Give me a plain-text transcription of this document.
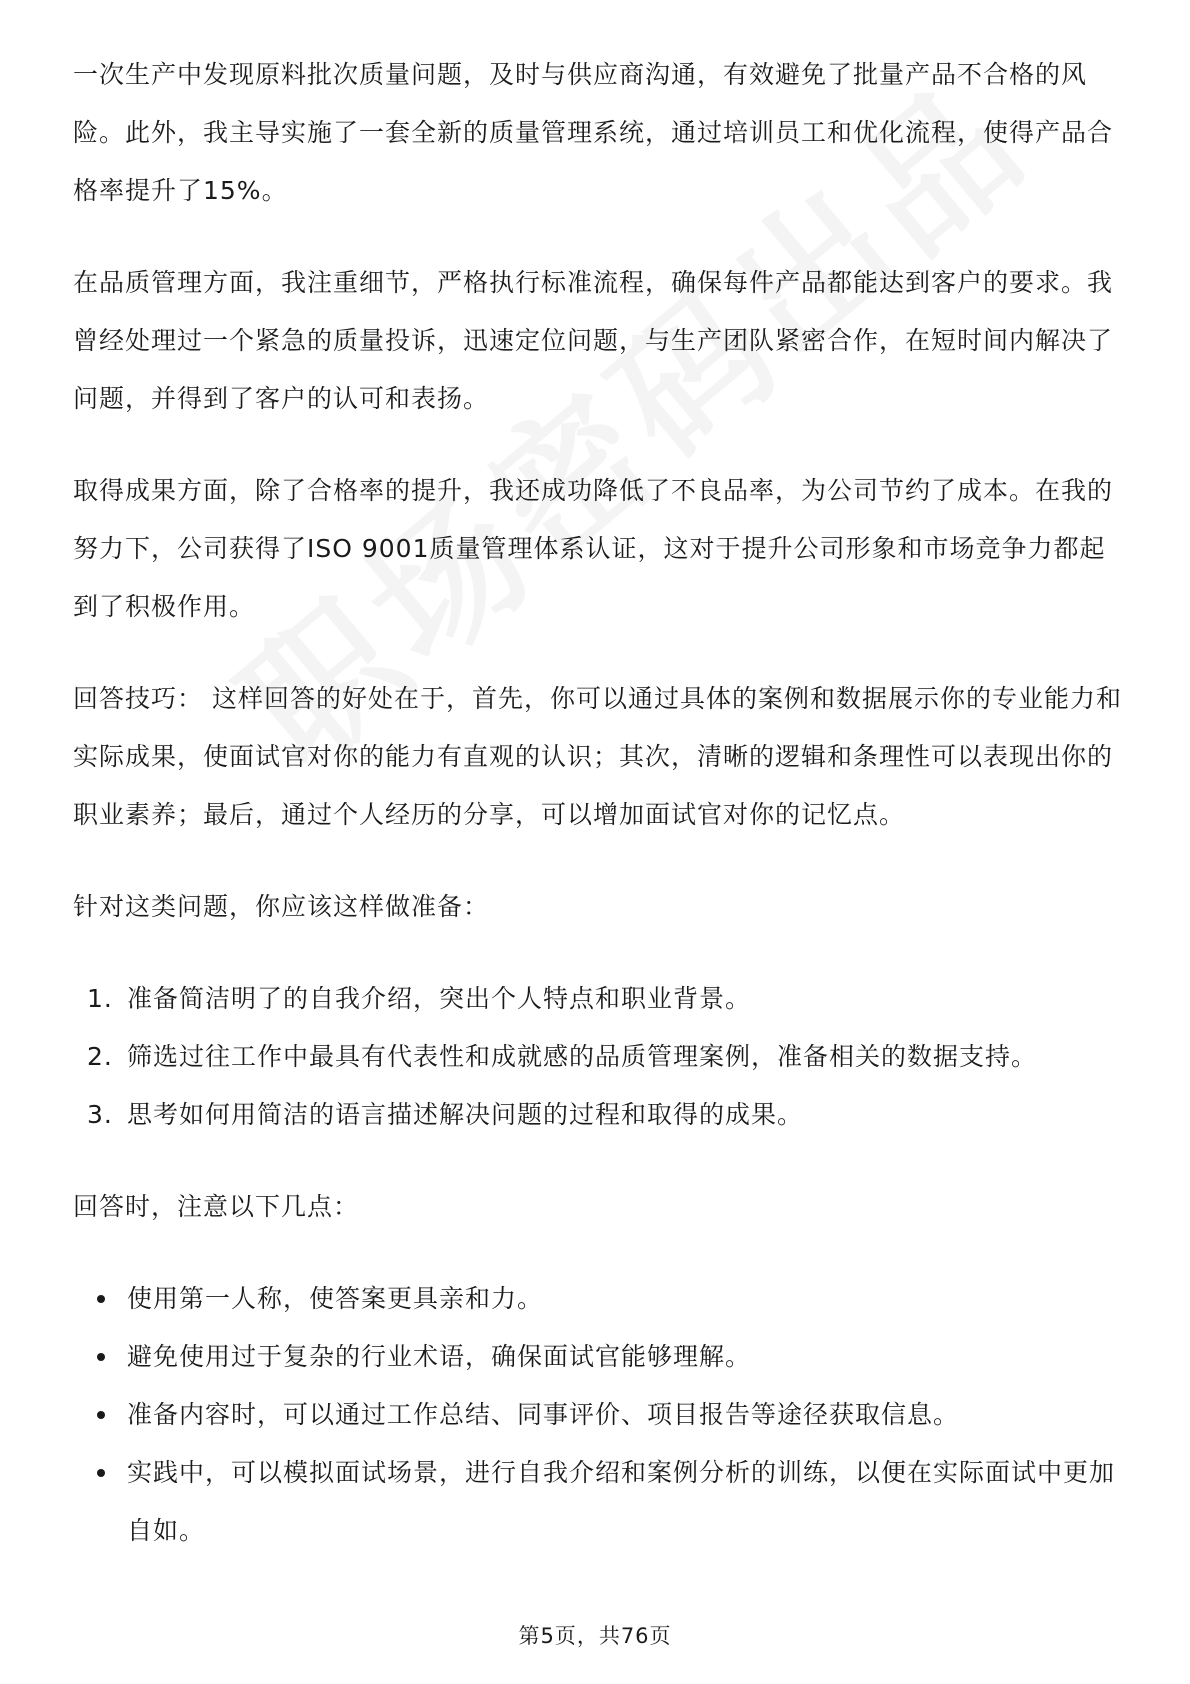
一次生产中发现原料批次质量问题，及时与供应商沟通，有效避免了批量产品不合格的风险。此外，我主导实施了一套全新的质量管理系统，通过培训员工和优化流程，使得产品合格率提升了15%。

在品质管理方面，我注重细节，严格执行标准流程，确保每件产品都能达到客户的要求。我曾经处理过一个紧急的质量投诉，迅速定位问题，与生产团队紧密合作，在短时间内解决了问题，并得到了客户的认可和表扬。

取得成果方面，除了合格率的提升，我还成功降低了不良品率，为公司节约了成本。在我的努力下，公司获得了ISO 9001质量管理体系认证，这对于提升公司形象和市场竞争力都起到了积极作用。

回答技巧： 这样回答的好处在于，首先，你可以通过具体的案例和数据展示你的专业能力和实际成果，使面试官对你的能力有直观的认识；其次，清晰的逻辑和条理性可以表现出你的职业素养；最后，通过个人经历的分享，可以增加面试官对你的记忆点。

针对这类问题，你应该这样做准备：

1. 准备简洁明了的自我介绍，突出个人特点和职业背景。
2. 筛选过往工作中最具有代表性和成就感的品质管理案例，准备相关的数据支持。
3. 思考如何用简洁的语言描述解决问题的过程和取得的成果。

回答时，注意以下几点：

使用第一人称，使答案更具亲和力。
避免使用过于复杂的行业术语，确保面试官能够理解。
准备内容时，可以通过工作总结、同事评价、项目报告等途径获取信息。
实践中，可以模拟面试场景，进行自我介绍和案例分析的训练，以便在实际面试中更加自如。
第5页，共76页
